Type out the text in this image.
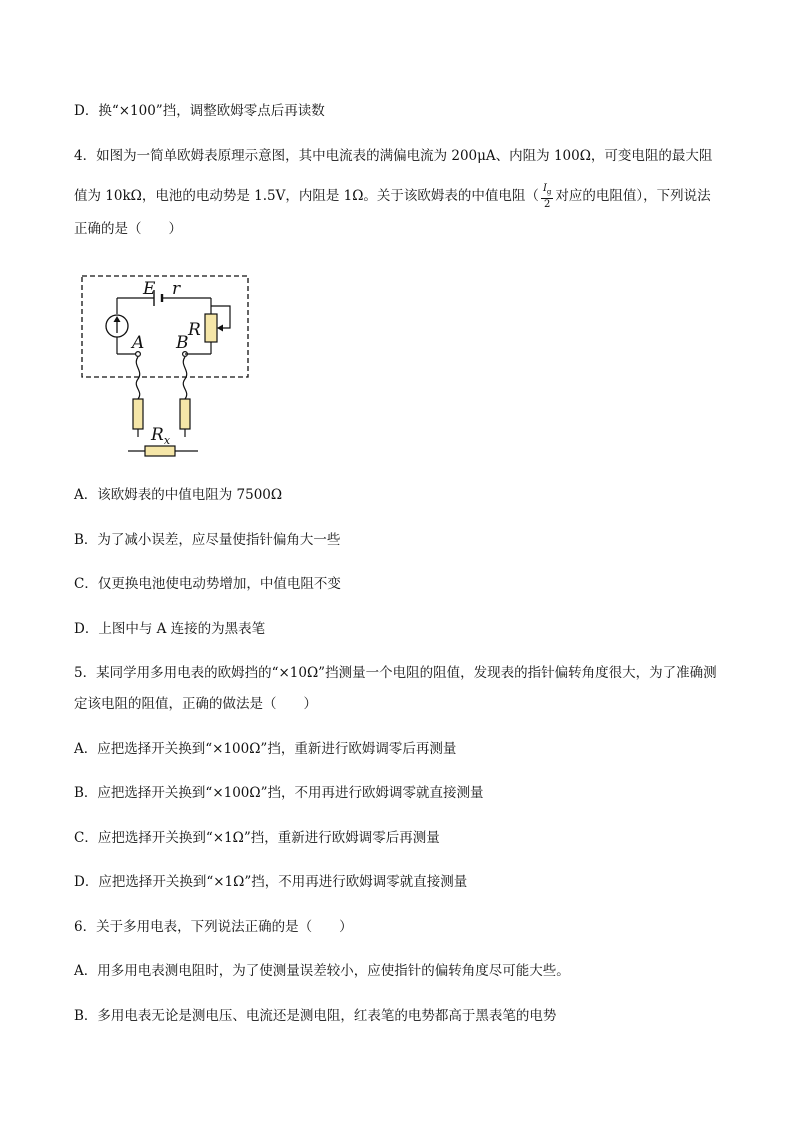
D．换“×100”挡，调整欧姆零点后再读数
4．如图为一简单欧姆表原理示意图，其中电流表的满偏电流为 200μA、内阻为 100Ω，可变电阻的最大阻
值为 10kΩ，电池的电动势是 1.5V，内阻是 1Ω。关于该欧姆表的中值电阻（ $\frac{I_g}{2}$ 对应的电阻值），下列说法
正确的是（　　）
A．该欧姆表的中值电阻为 7500Ω
B．为了减小误差，应尽量使指针偏角大一些
C．仅更换电池使电动势增加，中值电阻不变
D．上图中与 A 连接的为黑表笔
5．某同学用多用电表的欧姆挡的“×10Ω”挡测量一个电阻的阻值，发现表的指针偏转角度很大，为了准确测
定该电阻的阻值，正确的做法是（　　）
A．应把选择开关换到“×100Ω”挡，重新进行欧姆调零后再测量
B．应把选择开关换到“×100Ω”挡，不用再进行欧姆调零就直接测量
C．应把选择开关换到“×1Ω”挡，重新进行欧姆调零后再测量
D．应把选择开关换到“×1Ω”挡，不用再进行欧姆调零就直接测量
6．关于多用电表，下列说法正确的是（　　）
A．用多用电表测电阻时，为了使测量误差较小，应使指针的偏转角度尽可能大些。
B．多用电表无论是测电压、电流还是测电阻，红表笔的电势都高于黑表笔的电势
E r
R
A B
$R_x$
